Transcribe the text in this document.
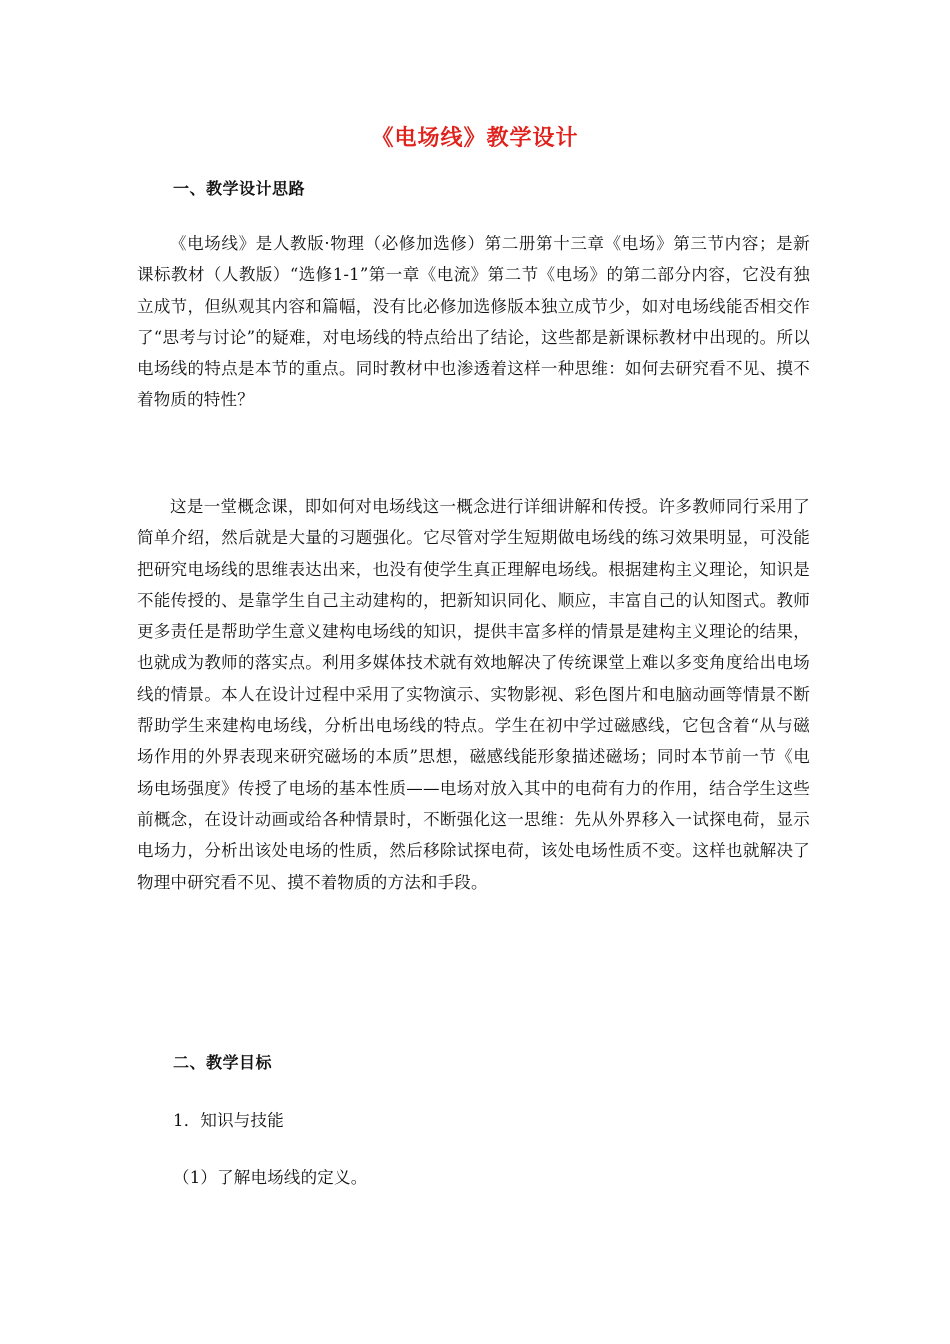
《电场线》教学设计
一、教学设计思路
《电场线》是人教版·物理（必修加选修）第二册第十三章《电场》第三节内容；是新课标教材（人教版）“选修1-1”第一章《电流》第二节《电场》的第二部分内容，它没有独立成节，但纵观其内容和篇幅，没有比必修加选修版本独立成节少，如对电场线能否相交作了“思考与讨论”的疑难，对电场线的特点给出了结论，这些都是新课标教材中出现的。所以电场线的特点是本节的重点。同时教材中也渗透着这样一种思维：如何去研究看不见、摸不着物质的特性？
这是一堂概念课，即如何对电场线这一概念进行详细讲解和传授。许多教师同行采用了简单介绍，然后就是大量的习题强化。它尽管对学生短期做电场线的练习效果明显，可没能把研究电场线的思维表达出来，也没有使学生真正理解电场线。根据建构主义理论，知识是不能传授的、是靠学生自己主动建构的，把新知识同化、顺应，丰富自己的认知图式。教师更多责任是帮助学生意义建构电场线的知识，提供丰富多样的情景是建构主义理论的结果，也就成为教师的落实点。利用多媒体技术就有效地解决了传统课堂上难以多变角度给出电场线的情景。本人在设计过程中采用了实物演示、实物影视、彩色图片和电脑动画等情景不断帮助学生来建构电场线，分析出电场线的特点。学生在初中学过磁感线，它包含着“从与磁场作用的外界表现来研究磁场的本质”思想，磁感线能形象描述磁场；同时本节前一节《电场电场强度》传授了电场的基本性质——电场对放入其中的电荷有力的作用，结合学生这些前概念，在设计动画或给各种情景时，不断强化这一思维：先从外界移入一试探电荷，显示电场力，分析出该处电场的性质，然后移除试探电荷，该处电场性质不变。这样也就解决了物理中研究看不见、摸不着物质的方法和手段。
二、教学目标
1．知识与技能
（1）了解电场线的定义。
